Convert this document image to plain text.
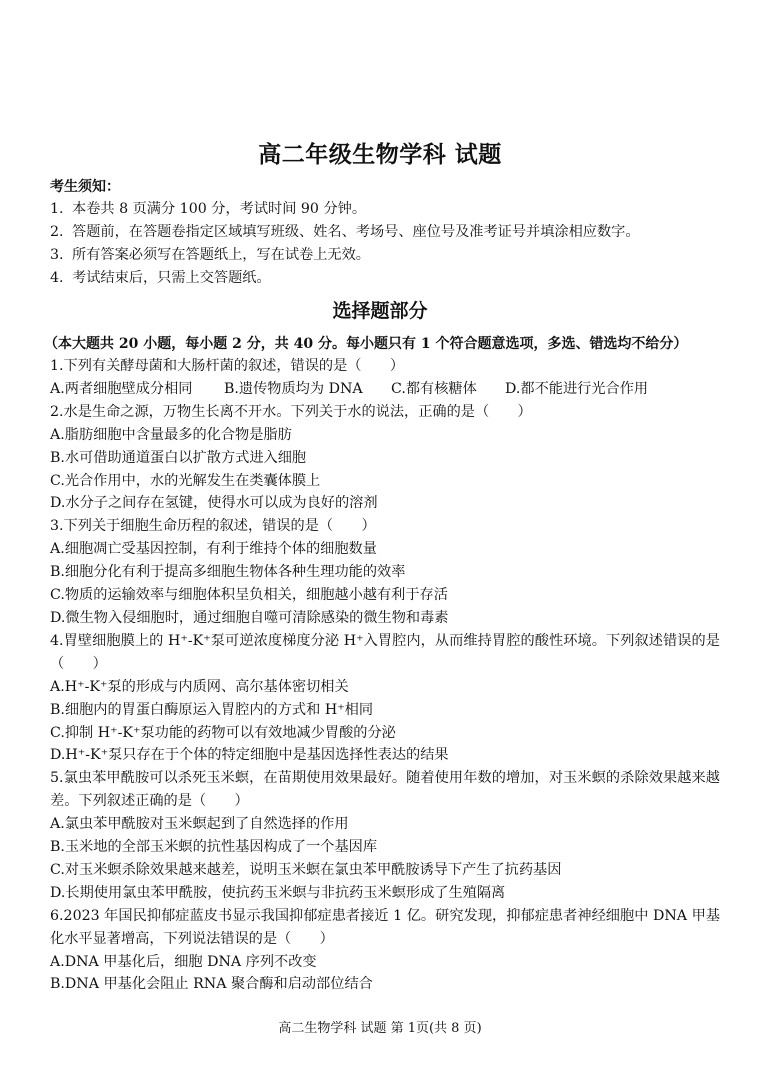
高二年级生物学科 试题
考生须知：
1. 本卷共 8 页满分 100 分，考试时间 90 分钟。
2. 答题前，在答题卷指定区域填写班级、姓名、考场号、座位号及准考证号并填涂相应数字。
3. 所有答案必须写在答题纸上，写在试卷上无效。
4. 考试结束后，只需上交答题纸。
选择题部分
（本大题共 20 小题，每小题 2 分，共 40 分。每小题只有 1 个符合题意选项，多选、错选均不给分）
1.下列有关酵母菌和大肠杆菌的叙述，错误的是（　　）
A.两者细胞壁成分相同	B.遗传物质均为 DNA	C.都有核糖体	D.都不能进行光合作用
2.水是生命之源，万物生长离不开水。下列关于水的说法，正确的是（　　）
A.脂肪细胞中含量最多的化合物是脂肪
B.水可借助通道蛋白以扩散方式进入细胞
C.光合作用中，水的光解发生在类囊体膜上
D.水分子之间存在氢键，使得水可以成为良好的溶剂
3.下列关于细胞生命历程的叙述，错误的是（　　）
A.细胞凋亡受基因控制，有利于维持个体的细胞数量
B.细胞分化有利于提高多细胞生物体各种生理功能的效率
C.物质的运输效率与细胞体积呈负相关，细胞越小越有利于存活
D.微生物入侵细胞时，通过细胞自噬可清除感染的微生物和毒素
4.胃壁细胞膜上的 H⁺-K⁺泵可逆浓度梯度分泌 H⁺入胃腔内，从而维持胃腔的酸性环境。下列叙述错误的是（　　）
A.H⁺-K⁺泵的形成与内质网、高尔基体密切相关
B.细胞内的胃蛋白酶原运入胃腔内的方式和 H⁺相同
C.抑制 H⁺-K⁺泵功能的药物可以有效地减少胃酸的分泌
D.H⁺-K⁺泵只存在于个体的特定细胞中是基因选择性表达的结果
5.氯虫苯甲酰胺可以杀死玉米螟，在苗期使用效果最好。随着使用年数的增加，对玉米螟的杀除效果越来越差。下列叙述正确的是（　　）
A.氯虫苯甲酰胺对玉米螟起到了自然选择的作用
B.玉米地的全部玉米螟的抗性基因构成了一个基因库
C.对玉米螟杀除效果越来越差，说明玉米螟在氯虫苯甲酰胺诱导下产生了抗药基因
D.长期使用氯虫苯甲酰胺，使抗药玉米螟与非抗药玉米螟形成了生殖隔离
6.2023 年国民抑郁症蓝皮书显示我国抑郁症患者接近 1 亿。研究发现，抑郁症患者神经细胞中 DNA 甲基化水平显著增高，下列说法错误的是（　　）
A.DNA 甲基化后，细胞 DNA 序列不改变
B.DNA 甲基化会阻止 RNA 聚合酶和启动部位结合
高二生物学科 试题 第 1页(共 8 页)
